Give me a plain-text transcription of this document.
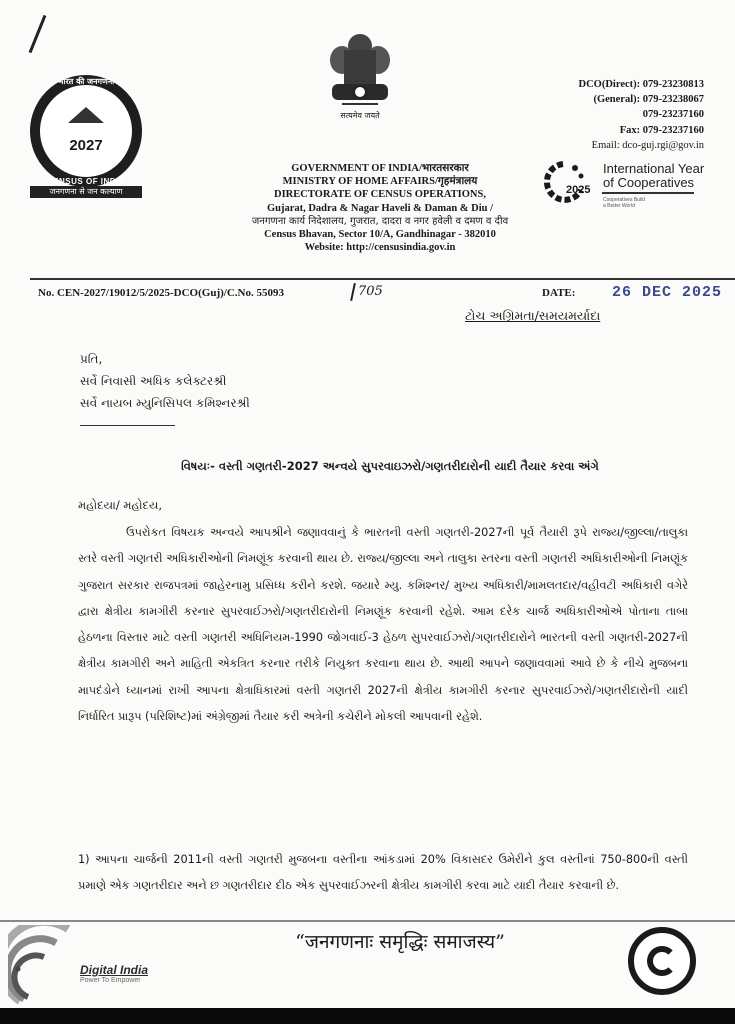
भारत की जनगणना
2027
CENSUS OF INDIA
जनगणना से जन कल्याण
सत्यमेव जयते
GOVERNMENT OF INDIA/भारतसरकार
MINISTRY OF HOME AFFAIRS/गृहमंत्रालय
DIRECTORATE OF CENSUS OPERATIONS,
Gujarat, Dadra & Nagar Haveli & Daman & Diu /
जनगणना कार्य निदेशालय, गुजरात, दादरा व नगर हवेली व दमण व दीव
Census Bhavan, Sector 10/A, Gandhinagar - 382010
Website: http://censusindia.gov.in
DCO(Direct): 079-23230813
(General): 079-23238067
079-23237160
Fax: 079-23237160
Email: dco-guj.rgi@gov.in
2025
International Year
of Cooperatives
Cooperatives Build
a Better World
No. CEN-2027/19012/5/2025-DCO(Guj)/C.No. 55093	705	DATE: 26 DEC 2025
ટોચ અગ્રિમતા/સમયમર્યાદા
પ્રતિ,
સર્વે નિવાસી અધિક કલેક્ટરશ્રી
સર્વે નાયબ મ્યુનિસિપલ કમિશ્નરશ્રી
વિષયઃ- વસ્તી ગણતરી-2027 અન્વયે સુપરવાઇઝરો/ગણતરીદારોની યાદી તૈયાર કરવા અંગે
મહોદયા/ મહોદય,
ઉપરોકત વિષયક અન્વયે આપશ્રીને જણાવવાનું કે ભારતની વસ્તી ગણતરી-2027ની પૂર્વ તૈયારી રૂપે રાજ્ય/જીલ્લા/તાલુકા સ્તરે વસ્તી ગણતરી અધિકારીઓની નિમણૂંક કરવાની થાય છે. રાજ્ય/જીલ્લા અને તાલુકા સ્તરના વસ્તી ગણતરી અધિકારીઓની નિમણૂંક ગુજરાત સરકાર રાજપત્રમાં જાહેરનામુ પ્રસિધ્ધ કરીને કરશે. જયારે મ્યુ. કમિશ્નર/ મુખ્ય અધિકારી/મામલતદાર/વહીવટી અધિકારી વગેરે દ્વારા ક્ષેત્રીય કામગીરી કરનાર સુપરવાઈઝરો/ગણતરીદારોની નિમણૂંક કરવાની રહેશે. આમ દરેક ચાર્જ અધિકારીઓએ પોતાના તાબા હેઠળના વિસ્તાર માટે વસ્તી ગણતરી અધિનિયમ-1990 જોગવાઈ-3 હેઠળ સુપરવાઈઝરો/ગણતરીદારોને ભારતની વસ્તી ગણતરી-2027ની ક્ષેત્રીય કામગીરી અને માહિતી એકત્રિત કરનાર તરીકે નિયુક્ત કરવાના થાય છે. આથી આપને જણાવવામાં આવે છે કે નીચે મુજબના માપદંડોને ધ્યાનમાં રાખી આપના ક્ષેત્રાધિકારમાં વસ્તી ગણતરી 2027ની ક્ષેત્રીય કામગીરી કરનાર સુપરવાઈઝરો/ગણતરીદારોની યાદી નિર્ધારિત પ્રારૂપ (પરિશિષ્ટ)માં અંગ્રેજીમાં તૈયાર કરી અત્રેની કચેરીને મોકલી આપવાની રહેશે.
1) આપના ચાર્જની 2011ની વસ્તી ગણતરી મુજબના વસ્તીના આંકડામાં 20% વિકાસદર ઉમેરીને કુલ વસ્તીનાં 750-800ની વસ્તી પ્રમાણે એક ગણતરીદાર અને છ ગણતરીદાર દીઠ એક સુપરવાઈઝરની ક્ષેત્રીય કામગીરી કરવા માટે યાદી તૈયાર કરવાની છે.
Digital India
Power To Empower
“जनगणनाः समृद्धिः समाजस्य”
